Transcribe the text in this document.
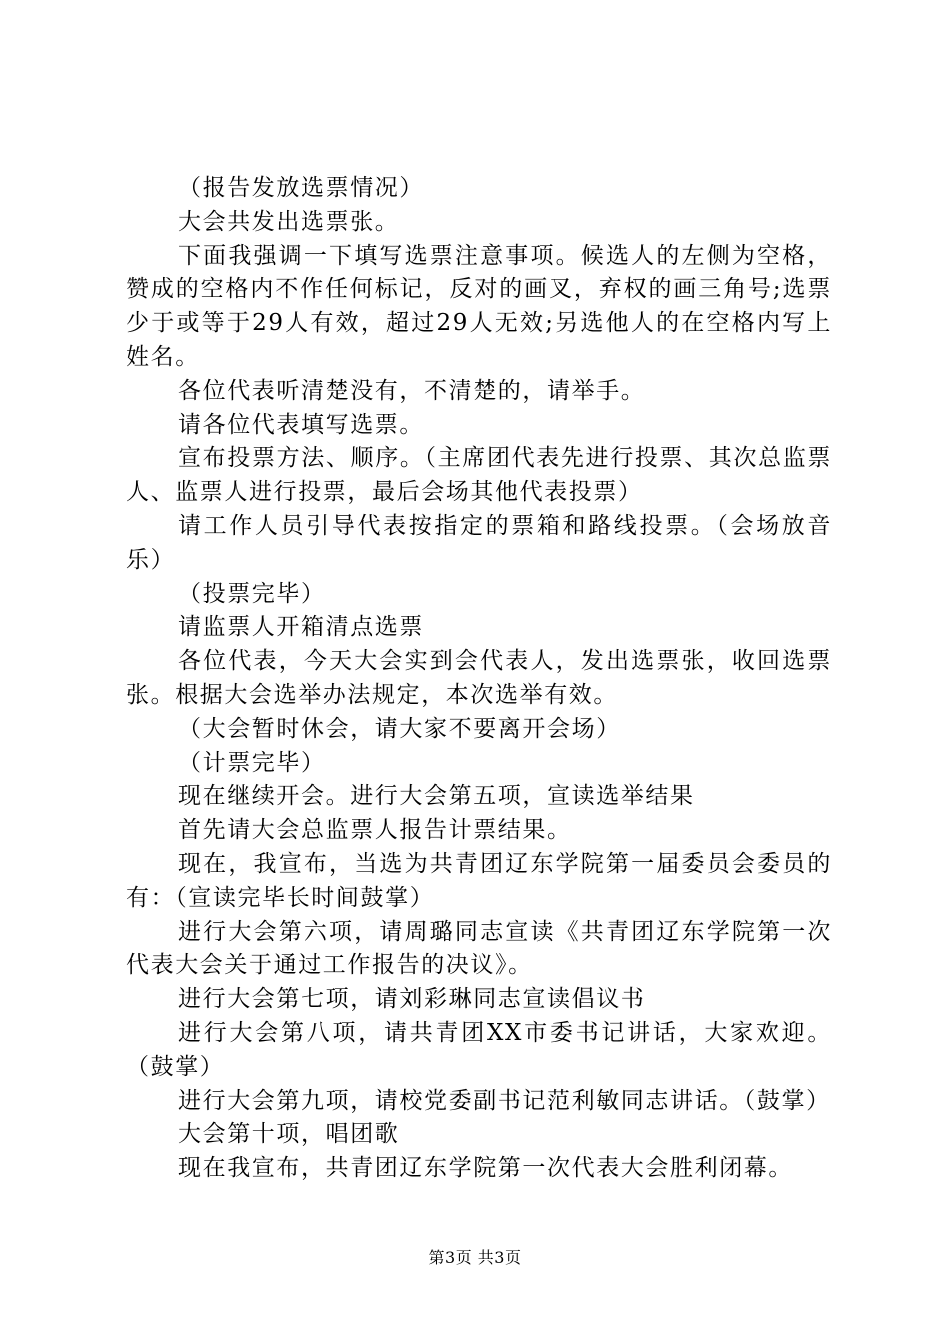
（报告发放选票情况）

大会共发出选票张。

下面我强调一下填写选票注意事项。候选人的左侧为空格，赞成的空格内不作任何标记，反对的画叉，弃权的画三角号;选票少于或等于29人有效，超过29人无效;另选他人的在空格内写上姓名。

各位代表听清楚没有，不清楚的，请举手。

请各位代表填写选票。

宣布投票方法、顺序。（主席团代表先进行投票、其次总监票人、监票人进行投票，最后会场其他代表投票）

请工作人员引导代表按指定的票箱和路线投票。（会场放音乐）

（投票完毕）

请监票人开箱清点选票

各位代表，今天大会实到会代表人，发出选票张，收回选票张。根据大会选举办法规定，本次选举有效。

（大会暂时休会，请大家不要离开会场）

（计票完毕）

现在继续开会。进行大会第五项，宣读选举结果

首先请大会总监票人报告计票结果。

现在，我宣布，当选为共青团辽东学院第一届委员会委员的有：（宣读完毕长时间鼓掌）

进行大会第六项，请周璐同志宣读《共青团辽东学院第一次代表大会关于通过工作报告的决议》。

进行大会第七项，请刘彩琳同志宣读倡议书

进行大会第八项，请共青团XX市委书记讲话，大家欢迎。（鼓掌）

进行大会第九项，请校党委副书记范利敏同志讲话。（鼓掌）

大会第十项，唱团歌

现在我宣布，共青团辽东学院第一次代表大会胜利闭幕。

第3页 共3页
